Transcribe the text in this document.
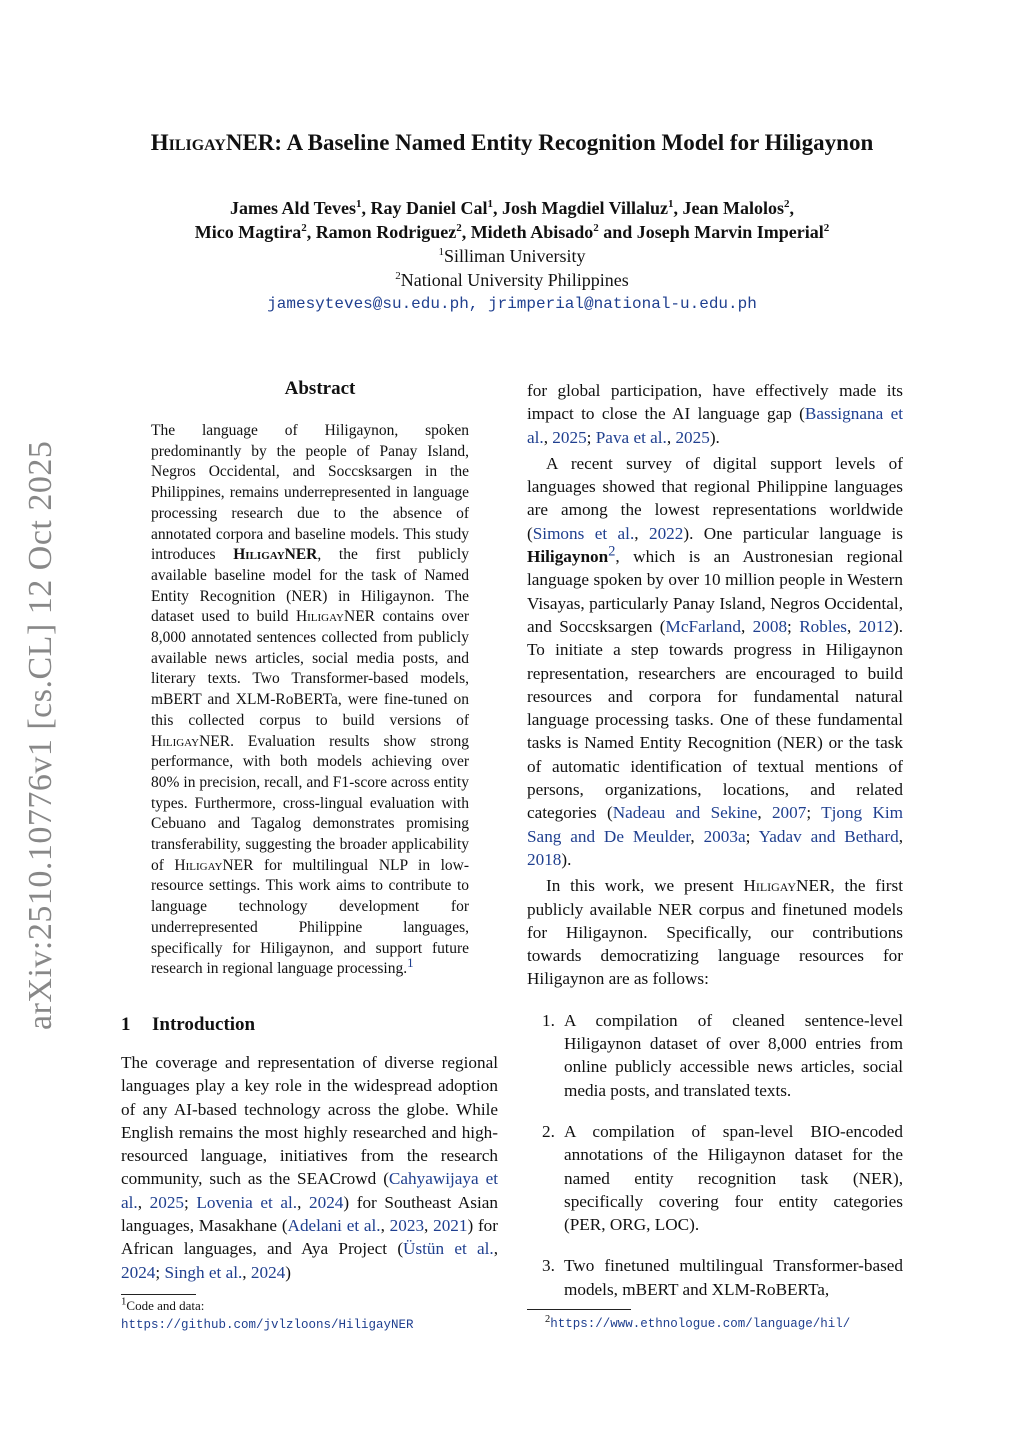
arXiv:2510.10776v1 [cs.CL] 12 Oct 2025
HiligayNER: A Baseline Named Entity Recognition Model for Hiligaynon
James Ald Teves$^1$, Ray Daniel Cal$^1$, Josh Magdiel Villaluz$^1$, Jean Malolos$^2$,
Mico Magtira$^2$, Ramon Rodriguez$^2$, Mideth Abisado$^2$ and Joseph Marvin Imperial$^2$
$^1$Silliman University
$^2$National University Philippines
jamesyteves@su.edu.ph, jrimperial@national-u.edu.ph
Abstract
The language of Hiligaynon, spoken predominantly by the people of Panay Island, Negros Occidental, and Soccsksargen in the Philippines, remains underrepresented in language processing research due to the absence of annotated corpora and baseline models. This study introduces HiligayNER, the first publicly available baseline model for the task of Named Entity Recognition (NER) in Hiligaynon. The dataset used to build HiligayNER contains over 8,000 annotated sentences collected from publicly available news articles, social media posts, and literary texts. Two Transformer-based models, mBERT and XLM-RoBERTa, were fine-tuned on this collected corpus to build versions of HiligayNER. Evaluation results show strong performance, with both models achieving over 80% in precision, recall, and F1-score across entity types. Furthermore, cross-lingual evaluation with Cebuano and Tagalog demonstrates promising transferability, suggesting the broader applicability of HiligayNER for multilingual NLP in low-resource settings. This work aims to contribute to language technology development for underrepresented Philippine languages, specifically for Hiligaynon, and support future research in regional language processing.$^1$
1 Introduction
The coverage and representation of diverse regional languages play a key role in the widespread adoption of any AI-based technology across the globe. While English remains the most highly researched and high-resourced language, initiatives from the research community, such as the SEACrowd (Cahyawijaya et al., 2025; Lovenia et al., 2024) for Southeast Asian languages, Masakhane (Adelani et al., 2023, 2021) for African languages, and Aya Project (Üstün et al., 2024; Singh et al., 2024)
$^1$Code and data: https://github.com/jvlzloons/HiligayNER

for global participation, have effectively made its impact to close the AI language gap (Bassignana et al., 2025; Pava et al., 2025).

A recent survey of digital support levels of languages showed that regional Philippine languages are among the lowest representations worldwide (Simons et al., 2022). One particular language is Hiligaynon$^2$, which is an Austronesian regional language spoken by over 10 million people in Western Visayas, particularly Panay Island, Negros Occidental, and Soccsksargen (McFarland, 2008; Robles, 2012). To initiate a step towards progress in Hiligaynon representation, researchers are encouraged to build resources and corpora for fundamental natural language processing tasks. One of these fundamental tasks is Named Entity Recognition (NER) or the task of automatic identification of textual mentions of persons, organizations, locations, and related categories (Nadeau and Sekine, 2007; Tjong Kim Sang and De Meulder, 2003a; Yadav and Bethard, 2018).

In this work, we present HiligayNER, the first publicly available NER corpus and finetuned models for Hiligaynon. Specifically, our contributions towards democratizing language resources for Hiligaynon are as follows:

1. A compilation of cleaned sentence-level Hiligaynon dataset of over 8,000 entries from online publicly accessible news articles, social media posts, and translated texts.
2. A compilation of span-level BIO-encoded annotations of the Hiligaynon dataset for the named entity recognition task (NER), specifically covering four entity categories (PER, ORG, LOC).
3. Two finetuned multilingual Transformer-based models, mBERT and XLM-RoBERTa,
$^2$https://www.ethnologue.com/language/hil/
